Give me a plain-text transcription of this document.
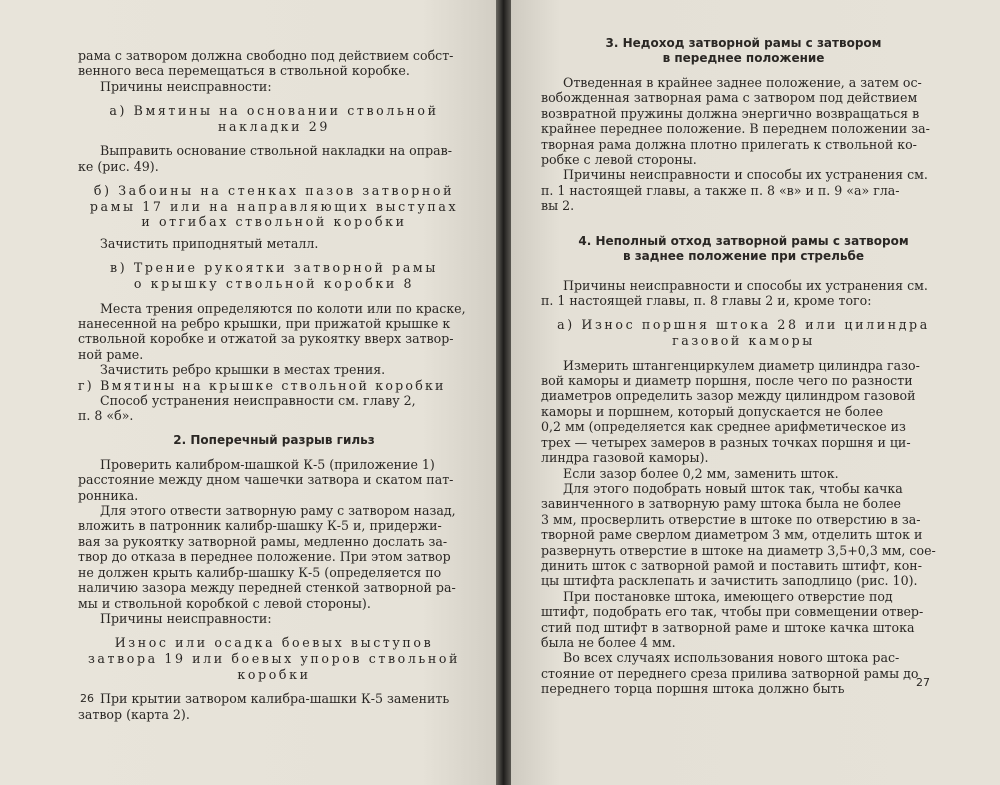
рама с затвором должна свободно под действием собст-

венного веса перемещаться в ствольной коробке.

Причины неисправности:

а) Вмятины на основании ствольной

накладки 29

Выправить основание ствольной накладки на оправ-

ке (рис. 49).

б) Забоины на стенках пазов затворной

рамы 17 или на направляющих выступах

и отгибах ствольной коробки

Зачистить приподнятый металл.

в) Трение рукоятки затворной рамы

о крышку ствольной коробки 8

Места трения определяются по колоти или по краске,

нанесенной на ребро крышки, при прижатой крышке к

ствольной коробке и отжатой за рукоятку вверх затвор-

ной раме.

Зачистить ребро крышки в местах трения.

г) Вмятины на крышке ствольной коробки

Способ устранения неисправности см. главу 2,

п. 8 «б».

2. Поперечный разрыв гильз

Проверить калибром-шашкой К-5 (приложение 1)

расстояние между дном чашечки затвора и скатом пат-

ронника.

Для этого отвести затворную раму с затвором назад,

вложить в патронник калибр-шашку К-5 и, придержи-

вая за рукоятку затворной рамы, медленно дослать за-

твор до отказа в переднее положение. При этом затвор

не должен крыть калибр-шашку К-5 (определяется по

наличию зазора между передней стенкой затворной ра-

мы и ствольной коробкой с левой стороны).

Причины неисправности:

Износ или осадка боевых выступов

затвора 19 или боевых упоров ствольной

коробки

При крытии затвором калибра-шашки К-5 заменить

затвор (карта 2).

26

3. Недоход затворной рамы с затвором

в переднее положение

Отведенная в крайнее заднее положение, а затем ос-

вобожденная затворная рама с затвором под действием

возвратной пружины должна энергично возвращаться в

крайнее переднее положение. В переднем положении за-

творная рама должна плотно прилегать к ствольной ко-

робке с левой стороны.

Причины неисправности и способы их устранения см.

п. 1 настоящей главы, а также п. 8 «в» и п. 9 «а» гла-

вы 2.

4. Неполный отход затворной рамы с затвором

в заднее положение при стрельбе

Причины неисправности и способы их устранения см.

п. 1 настоящей главы, п. 8 главы 2 и, кроме того:

а) Износ поршня штока 28 или цилиндра

газовой каморы

Измерить штангенциркулем диаметр цилиндра газо-

вой каморы и диаметр поршня, после чего по разности

диаметров определить зазор между цилиндром газовой

каморы и поршнем, который допускается не более

0,2 мм (определяется как среднее арифметическое из

трех — четырех замеров в разных точках поршня и ци-

линдра газовой каморы).

Если зазор более 0,2 мм, заменить шток.

Для этого подобрать новый шток так, чтобы качка

завинченного в затворную раму штока была не более

3 мм, просверлить отверстие в штоке по отверстию в за-

творной раме сверлом диаметром 3 мм, отделить шток и

развернуть отверстие в штоке на диаметр 3,5+0,3 мм, сое-

динить шток с затворной рамой и поставить штифт, кон-

цы штифта расклепать и зачистить заподлицо (рис. 10).

При постановке штока, имеющего отверстие под

штифт, подобрать его так, чтобы при совмещении отвер-

стий под штифт в затворной раме и штоке качка штока

была не более 4 мм.

Во всех случаях использования нового штока рас-

стояние от переднего среза прилива затворной рамы до

переднего торца поршня штока должно быть	27
